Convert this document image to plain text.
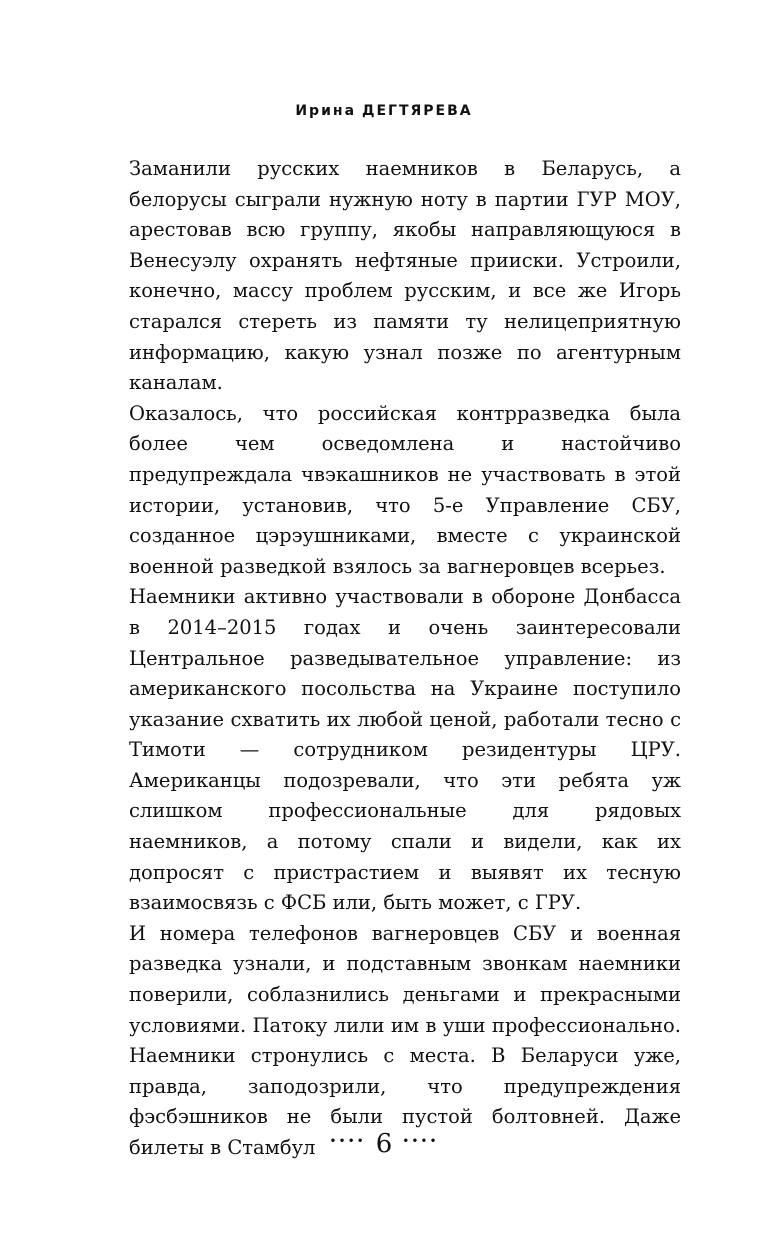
Ирина ДЕГТЯРЕВА

Заманили русских наемников в Беларусь, а белорусы сыграли нужную ноту в партии ГУР МОУ, арестовав всю группу, якобы направляющуюся в Венесуэлу охранять нефтяные прииски. Устроили, конечно, массу проблем русским, и все же Игорь старался стереть из памяти ту нелицеприятную информацию, какую узнал позже по агентурным каналам.

Оказалось, что российская контрразведка была более чем осведомлена и настойчиво предупреждала чвэкашников не участвовать в этой истории, установив, что 5-е Управление СБУ, созданное цэрэушниками, вместе с украинской военной разведкой взялось за вагнеровцев всерьез.

Наемники активно участвовали в обороне Донбасса в 2014–2015 годах и очень заинтересовали Центральное разведывательное управление: из американского посольства на Украине поступило указание схватить их любой ценой, работали тесно с Тимоти — сотрудником резидентуры ЦРУ. Американцы подозревали, что эти ребята уж слишком профессиональные для рядовых наемников, а потому спали и видели, как их допросят с пристрастием и выявят их тесную взаимосвязь с ФСБ или, быть может, с ГРУ.

И номера телефонов вагнеровцев СБУ и военная разведка узнали, и подставным звонкам наемники поверили, соблазнились деньгами и прекрасными условиями. Патоку лили им в уши профессионально. Наемники стронулись с места. В Беларуси уже, правда, заподозрили, что предупреждения фэсбэшников не были пустой болтовней. Даже билеты в Стамбул	•••• 6 ••••
